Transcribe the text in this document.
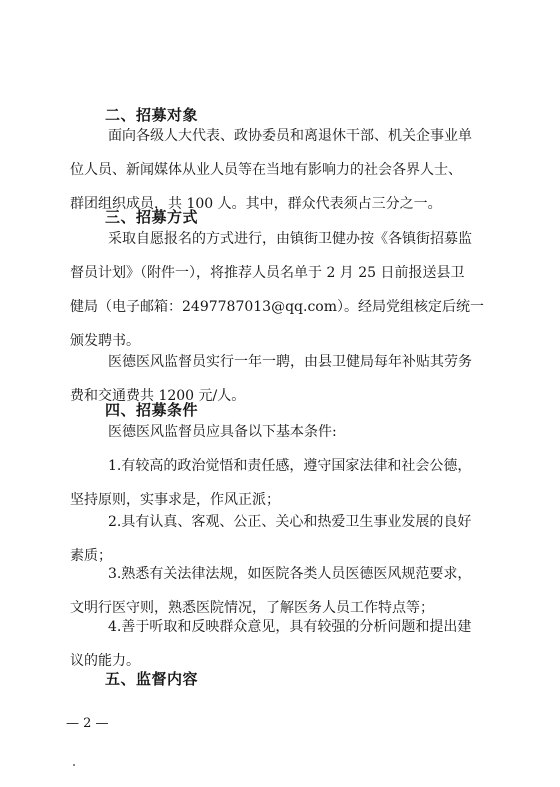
二、招募对象
面向各级人大代表、政协委员和离退休干部、机关企事业单
位人员、新闻媒体从业人员等在当地有影响力的社会各界人士、
群团组织成员，共 100 人。其中，群众代表须占三分之一。
三、招募方式
采取自愿报名的方式进行，由镇街卫健办按《各镇街招募监
督员计划》（附件一），将推荐人员名单于 2 月 25 日前报送县卫
健局（电子邮箱：2497787013@qq.com）。经局党组核定后统一
颁发聘书。
医德医风监督员实行一年一聘，由县卫健局每年补贴其劳务
费和交通费共 1200 元/人。
四、招募条件
医德医风监督员应具备以下基本条件:
1.有较高的政治觉悟和责任感，遵守国家法律和社会公德，
坚持原则，实事求是，作风正派；
2.具有认真、客观、公正、关心和热爱卫生事业发展的良好
素质；
3.熟悉有关法律法规，如医院各类人员医德医风规范要求，
文明行医守则，熟悉医院情况，了解医务人员工作特点等；
4.善于听取和反映群众意见，具有较强的分析问题和提出建
议的能力。
五、监督内容
— 2 —
